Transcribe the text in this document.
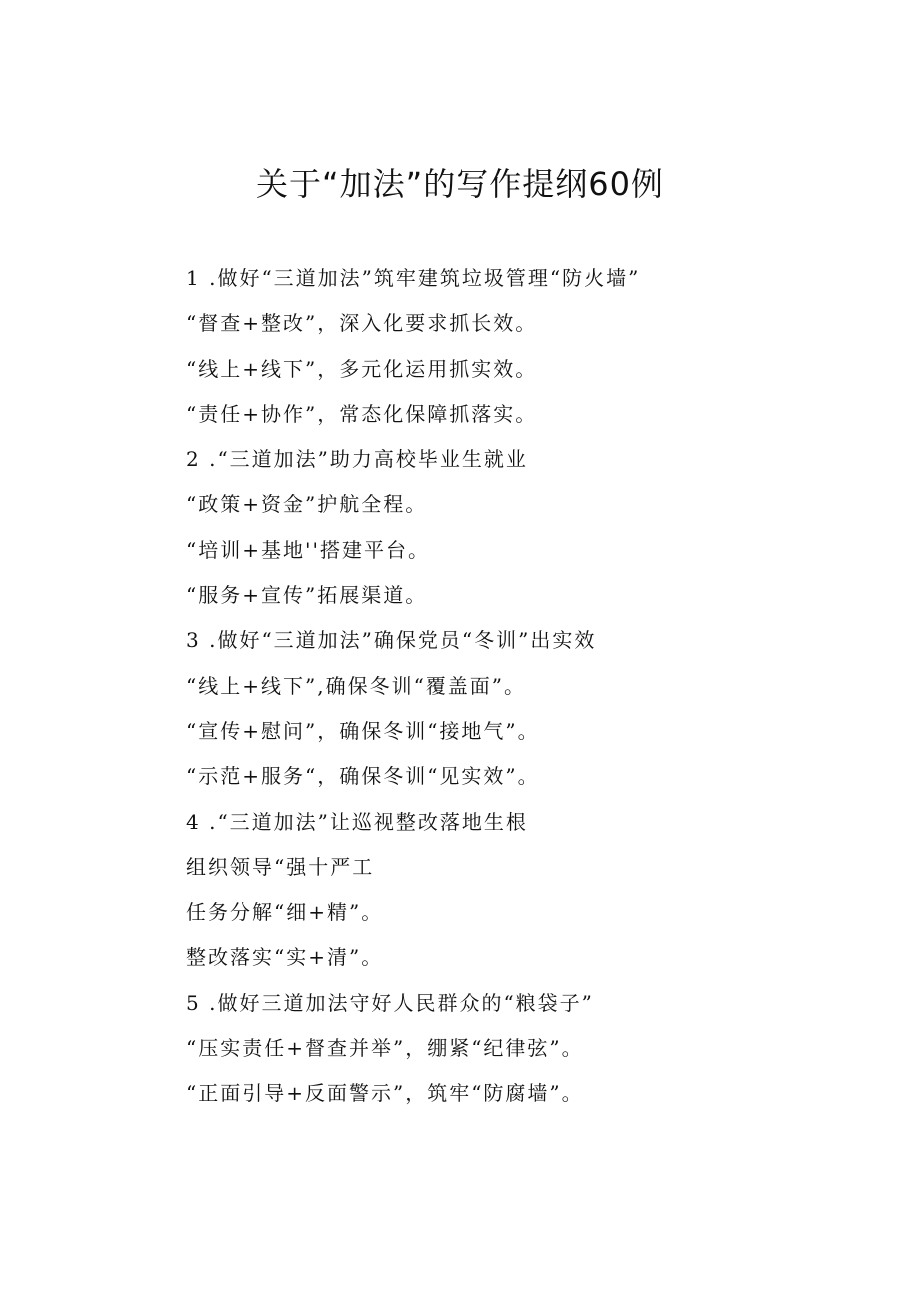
关于“加法”的写作提纲60例
1 .做好“三道加法”筑牢建筑垃圾管理“防火墙”
“督查+整改”，深入化要求抓长效。
“线上+线下”，多元化运用抓实效。
“责任+协作”，常态化保障抓落实。
2 .“三道加法”助力高校毕业生就业
“政策+资金”护航全程。
“培训+基地''搭建平台。
“服务+宣传”拓展渠道。
3 .做好“三道加法”确保党员“冬训”出实效
“线上+线下”,确保冬训“覆盖面”。
“宣传+慰问”，确保冬训“接地气”。
“示范+服务“，确保冬训“见实效”。
4 .“三道加法”让巡视整改落地生根
组织领导“强十严工
任务分解“细+精”。
整改落实“实+清”。
5 .做好三道加法守好人民群众的“粮袋子”
“压实责任+督查并举”，绷紧“纪律弦”。
“正面引导+反面警示”，筑牢“防腐墙”。
